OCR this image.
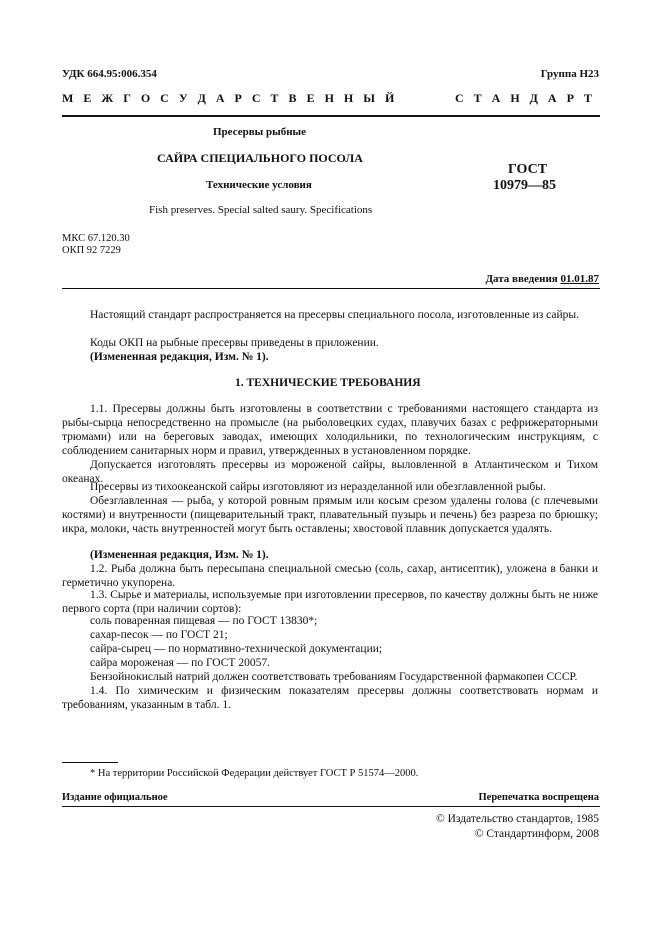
УДК 664.95:006.354	Группа Н23
М Е Ж Г О С У Д А Р С Т В Е Н Н Ы Й	С Т А Н Д А Р Т
Пресервы рыбные
САЙРА СПЕЦИАЛЬНОГО ПОСОЛА
Технические условия
Fish preserves. Special salted saury. Specifications
ГОСТ
10979—85
МКС 67.120.30
ОКП 92 7229
Дата введения 01.01.87
Настоящий стандарт распространяется на пресервы специального посола, изготовленные из сайры.
Коды ОКП на рыбные пресервы приведены в приложении.
(Измененная редакция, Изм. № 1).
1. ТЕХНИЧЕСКИЕ ТРЕБОВАНИЯ
1.1. Пресервы должны быть изготовлены в соответствии с требованиями настоящего стандарта из рыбы-сырца непосредственно на промысле (на рыболовецких судах, плавучих базах с рефрижераторными трюмами) или на береговых заводах, имеющих холодильники, по технологическим инструкциям, с соблюдением санитарных норм и правил, утвержденных в установленном порядке.
Допускается изготовлять пресервы из мороженой сайры, выловленной в Атлантическом и Тихом океанах.
Пресервы из тихоокеанской сайры изготовляют из неразделанной или обезглавленной рыбы.
Обезглавленная — рыба, у которой ровным прямым или косым срезом удалены голова (с плечевыми костями) и внутренности (пищеварительный тракт, плавательный пузырь и печень) без разреза по брюшку; икра, молоки, часть внутренностей могут быть оставлены; хвостовой плавник допускается удалять.
(Измененная редакция, Изм. № 1).
1.2. Рыба должна быть пересыпана специальной смесью (соль, сахар, антисептик), уложена в банки и герметично укупорена.
1.3. Сырье и материалы, используемые при изготовлении пресервов, по качеству должны быть не ниже первого сорта (при наличии сортов):
соль поваренная пищевая — по ГОСТ 13830*;
сахар-песок — по ГОСТ 21;
сайра-сырец — по нормативно-технической документации;
сайра мороженая — по ГОСТ 20057.
Бензойнокислый натрий должен соответствовать требованиям Государственной фармакопеи СССР.
1.4. По химическим и физическим показателям пресервы должны соответствовать нормам и требованиям, указанным в табл. 1.
* На территории Российской Федерации действует ГОСТ Р 51574—2000.
Издание официальное	Перепечатка воспрещена
© Издательство стандартов, 1985
© Стандартинформ, 2008
